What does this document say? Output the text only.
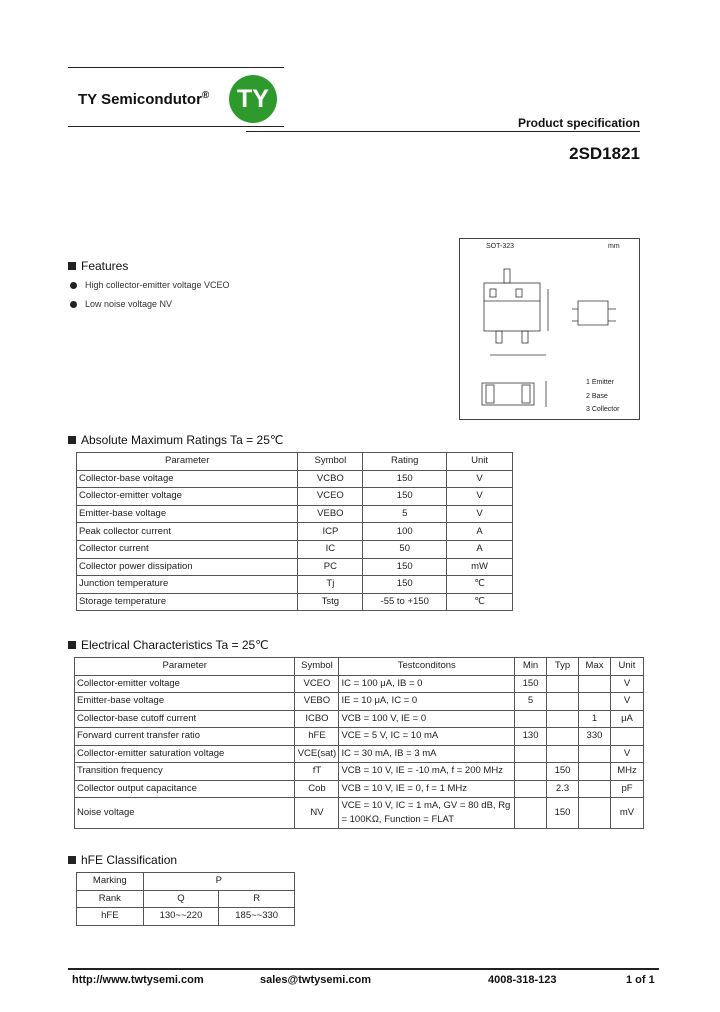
TY Semicondutor®	TY
Product specification
2SD1821
Features
High collector-emitter voltage VCEO
Low noise voltage NV
SOT-323	mm
1 Emitter
2 Base
3 Collector
Absolute Maximum Ratings Ta = 25℃
Parameter	Symbol	Rating	Unit
Collector-base voltage	VCBO	150	V
Collector-emitter voltage	VCEO	150	V
Emitter-base voltage	VEBO	5	V
Peak collector current	ICP	100	A
Collector current	IC	50	A
Collector power dissipation	PC	150	mW
Junction temperature	Tj	150	℃
Storage temperature	Tstg	-55 to +150	℃
Electrical Characteristics Ta = 25℃
Parameter	Symbol	Testconditons	Min	Typ	Max	Unit
Collector-emitter voltage	VCEO	IC = 100 μA, IB = 0	150			V
Emitter-base voltage	VEBO	IE = 10 μA, IC = 0	5			V
Collector-base cutoff current	ICBO	VCB = 100 V, IE = 0			1	μA
Forward current transfer ratio	hFE	VCE = 5 V, IC = 10 mA	130		330	
Collector-emitter saturation voltage	VCE(sat)	IC = 30 mA, IB = 3 mA				V
Transition frequency	fT	VCB = 10 V, IE = -10 mA, f = 200 MHz		150		MHz
Collector output capacitance	Cob	VCB = 10 V, IE = 0, f = 1 MHz		2.3		pF
Noise voltage	NV	VCE = 10 V, IC = 1 mA, GV = 80 dB, Rg = 100KΩ, Function = FLAT		150		mV
hFE Classification
Marking	P	
Rank	Q	R
hFE	130~~220	185~~330
http://www.twtysemi.com	sales@twtysemi.com	4008-318-123	1 of 1
